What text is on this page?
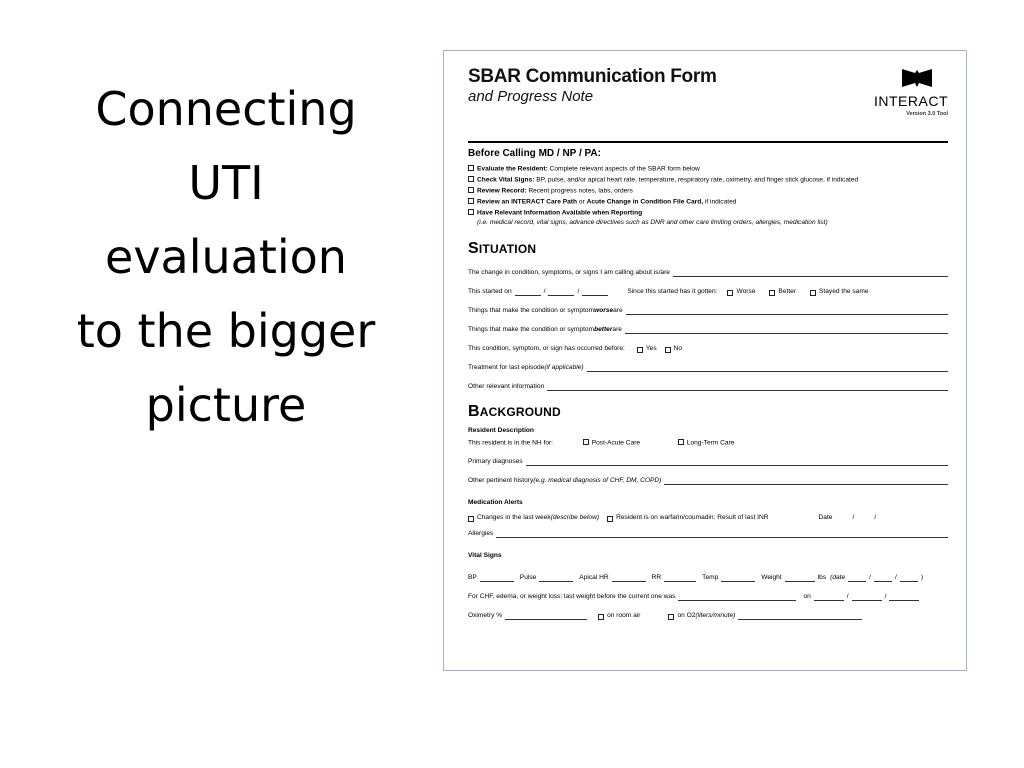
Connecting
UTI
evaluation
to the bigger
picture
SBAR Communication Form
and Progress Note	INTERACT
Version 3.0 Tool
Before Calling MD / NP / PA:
Evaluate the Resident: Complete relevant aspects of the SBAR form below
Check Vital Signs: BP, pulse, and/or apical heart rate, temperature, respiratory rate, oximetry, and finger stick glucose, if indicated
Review Record: Recent progress notes, labs, orders
Review an INTERACT Care Path or Acute Change in Condition File Card, if indicated
Have Relevant Information Available when Reporting
(i.e. medical record, vital signs, advance directives such as DNR and other care limiting orders, allergies, medication list)
SITUATION
The change in condition, symptoms, or signs I am calling about is/are
This started on	/	/	Since this started has it gotten:	Worse	Better	Stayed the same
Things that make the condition or symptom worse are
Things that make the condition or symptom better are
This condition, symptom, or sign has occurred before:	Yes	No
Treatment for last episode (if applicable)
Other relevant information
BACKGROUND
Resident Description
This resident is in the NH for:	Post-Acute Care	Long-Term Care
Primary diagnoses
Other pertinent history (e.g. medical diagnosis of CHF, DM, COPD)
Medication Alerts
Changes in the last week (describe below)	Resident is on warfarin/coumadin: Result of last INR	Date	/	/
Allergies
Vital Signs
BP	Pulse	Apical HR	RR	Temp	Weight	lbs (date	/	/	)
For CHF, edema, or weight loss: last weight before the current one was	on	/	/
Oximetry %	on room air	on O2 (liters/minute)
